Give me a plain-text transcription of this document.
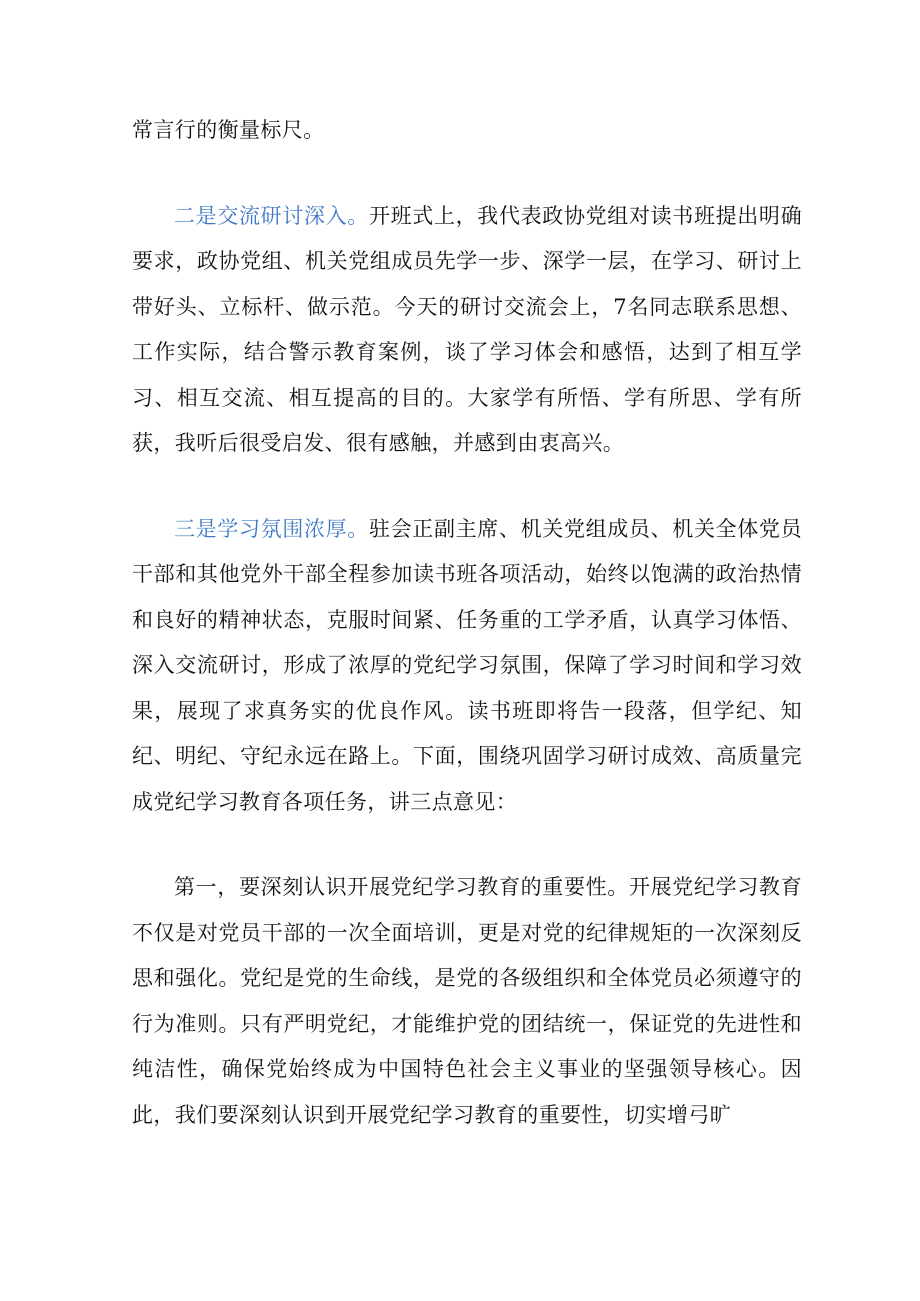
常言行的衡量标尺。

二是交流研讨深入。开班式上，我代表政协党组对读书班提出明确要求，政协党组、机关党组成员先学一步、深学一层，在学习、研讨上带好头、立标杆、做示范。今天的研讨交流会上，7名同志联系思想、工作实际，结合警示教育案例，谈了学习体会和感悟，达到了相互学习、相互交流、相互提高的目的。大家学有所悟、学有所思、学有所获，我听后很受启发、很有感触，并感到由衷高兴。

三是学习氛围浓厚。驻会正副主席、机关党组成员、机关全体党员干部和其他党外干部全程参加读书班各项活动，始终以饱满的政治热情和良好的精神状态，克服时间紧、任务重的工学矛盾，认真学习体悟、深入交流研讨，形成了浓厚的党纪学习氛围，保障了学习时间和学习效果，展现了求真务实的优良作风。读书班即将告一段落，但学纪、知纪、明纪、守纪永远在路上。下面，围绕巩固学习研讨成效、高质量完成党纪学习教育各项任务，讲三点意见：

第一，要深刻认识开展党纪学习教育的重要性。开展党纪学习教育不仅是对党员干部的一次全面培训，更是对党的纪律规矩的一次深刻反思和强化。党纪是党的生命线，是党的各级组织和全体党员必须遵守的行为准则。只有严明党纪，才能维护党的团结统一，保证党的先进性和纯洁性，确保党始终成为中国特色社会主义事业的坚强领导核心。因此，我们要深刻认识到开展党纪学习教育的重要性，切实增弓旷
